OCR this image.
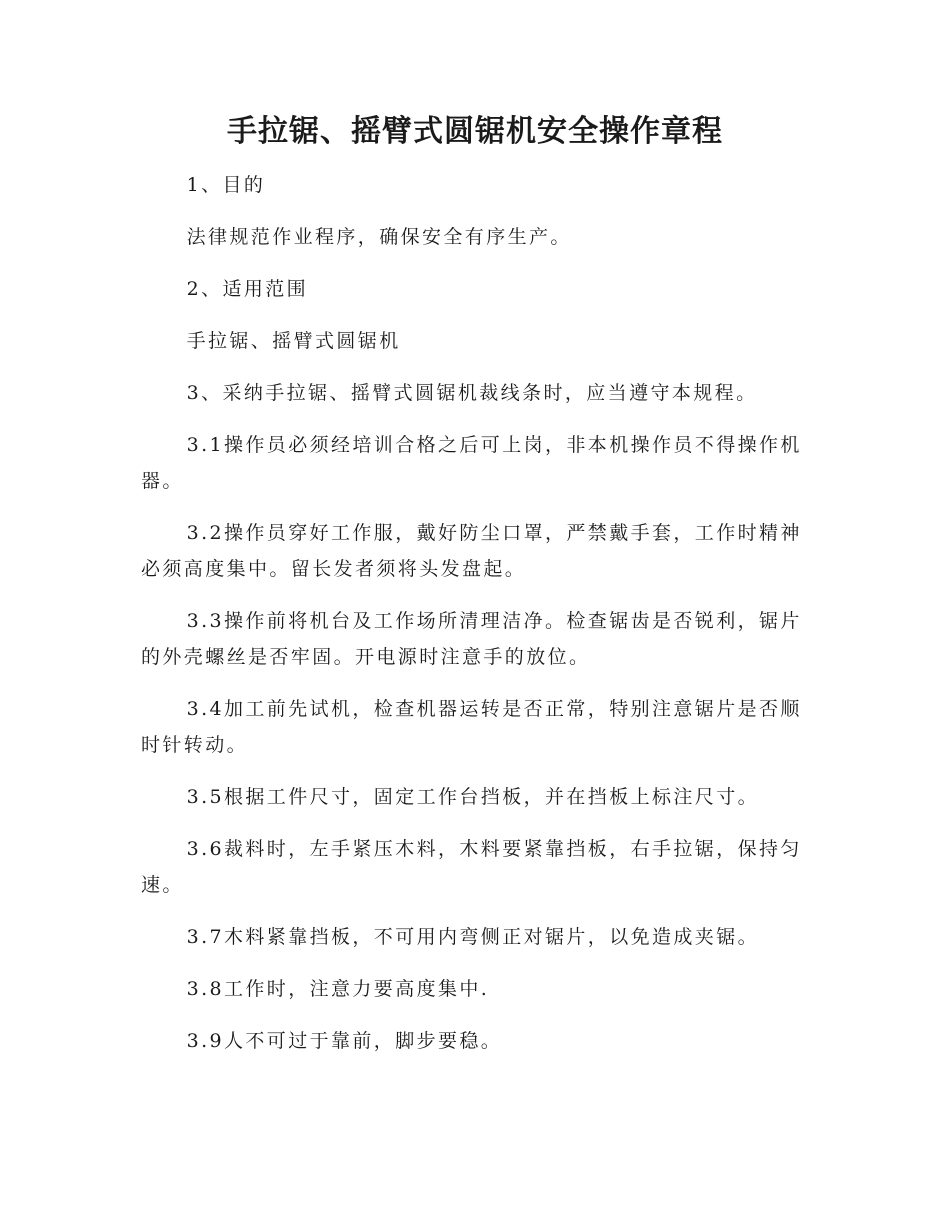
手拉锯、摇臂式圆锯机安全操作章程

1、目的

法律规范作业程序，确保安全有序生产。

2、适用范围

手拉锯、摇臂式圆锯机

3、采纳手拉锯、摇臂式圆锯机裁线条时，应当遵守本规程。

3.1操作员必须经培训合格之后可上岗，非本机操作员不得操作机器。

3.2操作员穿好工作服，戴好防尘口罩，严禁戴手套，工作时精神必须高度集中。留长发者须将头发盘起。

3.3操作前将机台及工作场所清理洁净。检查锯齿是否锐利，锯片的外壳螺丝是否牢固。开电源时注意手的放位。

3.4加工前先试机，检查机器运转是否正常，特别注意锯片是否顺时针转动。

3.5根据工件尺寸，固定工作台挡板，并在挡板上标注尺寸。

3.6裁料时，左手紧压木料，木料要紧靠挡板，右手拉锯，保持匀速。

3.7木料紧靠挡板，不可用内弯侧正对锯片，以免造成夹锯。

3.8工作时，注意力要高度集中.

3.9人不可过于靠前，脚步要稳。
